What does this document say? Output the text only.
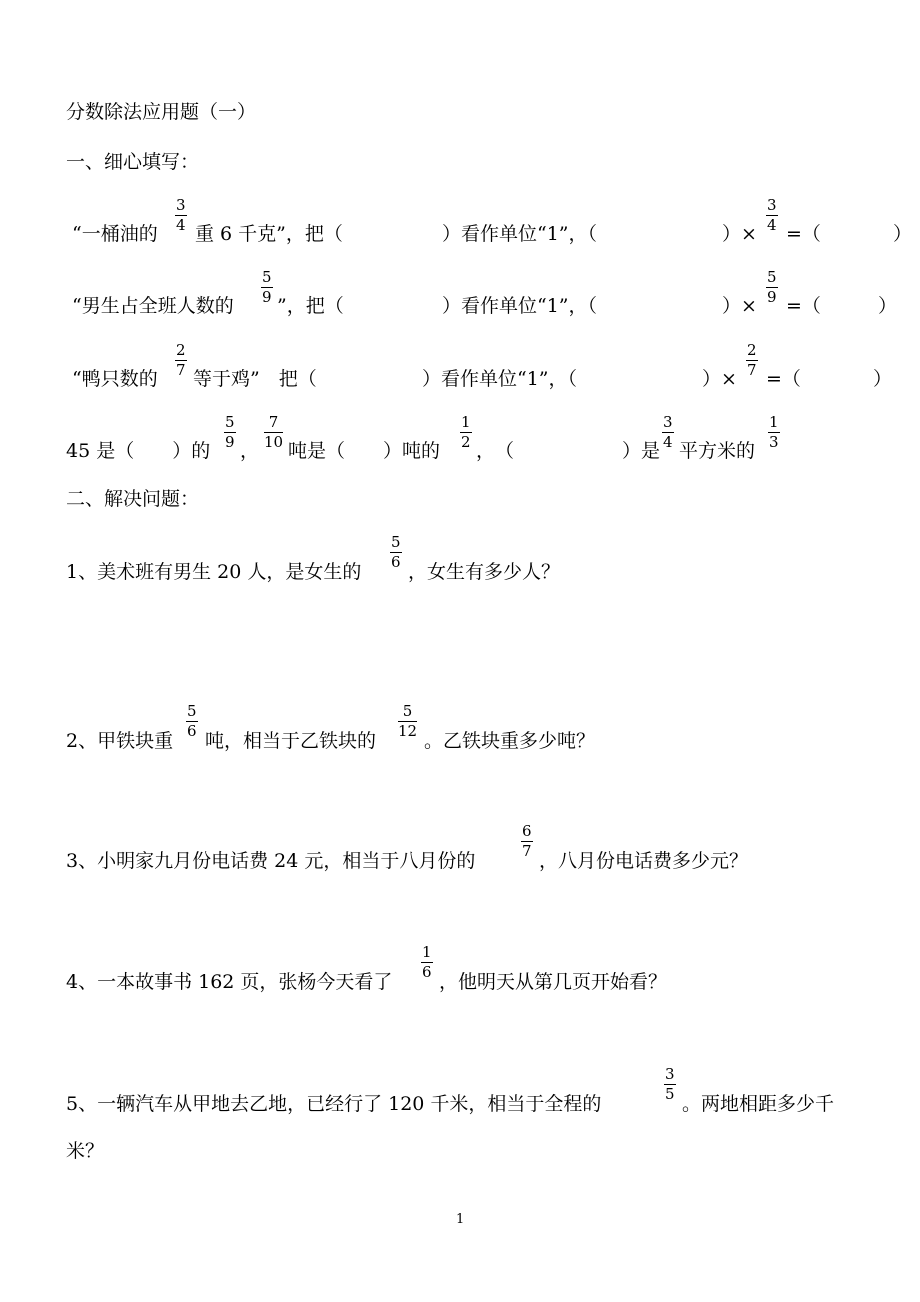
分数除法应用题（一）
一、细心填写：
“一桶油的
3
4 重 6 千克”，把（	）看作单位“1”，（	）×
3
4 =（	）
“男生占全班人数的
5
9 ”，把（	）看作单位“1”，（	）×
5
9 =（	）
“鸭只数的
2
7 等于鸡”　把（	）看作单位“1”，（	）×
2
7 =（	）
45 是（　　）的
5
9 ，
7
10 吨是（　　）吨的
1
2 ，　（	）是
3
4 平方米的
1
3
二、解决问题：
1、美术班有男生 20 人，是女生的
5
6 ，女生有多少人？
2、甲铁块重
5
6 吨，相当于乙铁块的
5
12 。乙铁块重多少吨？
3、小明家九月份电话费 24 元，相当于八月份的
6
7 ，八月份电话费多少元？
4、一本故事书 162 页，张杨今天看了
1
6 ，他明天从第几页开始看？
5、一辆汽车从甲地去乙地，已经行了 120 千米，相当于全程的
3
5 。两地相距多少千
米？
1
